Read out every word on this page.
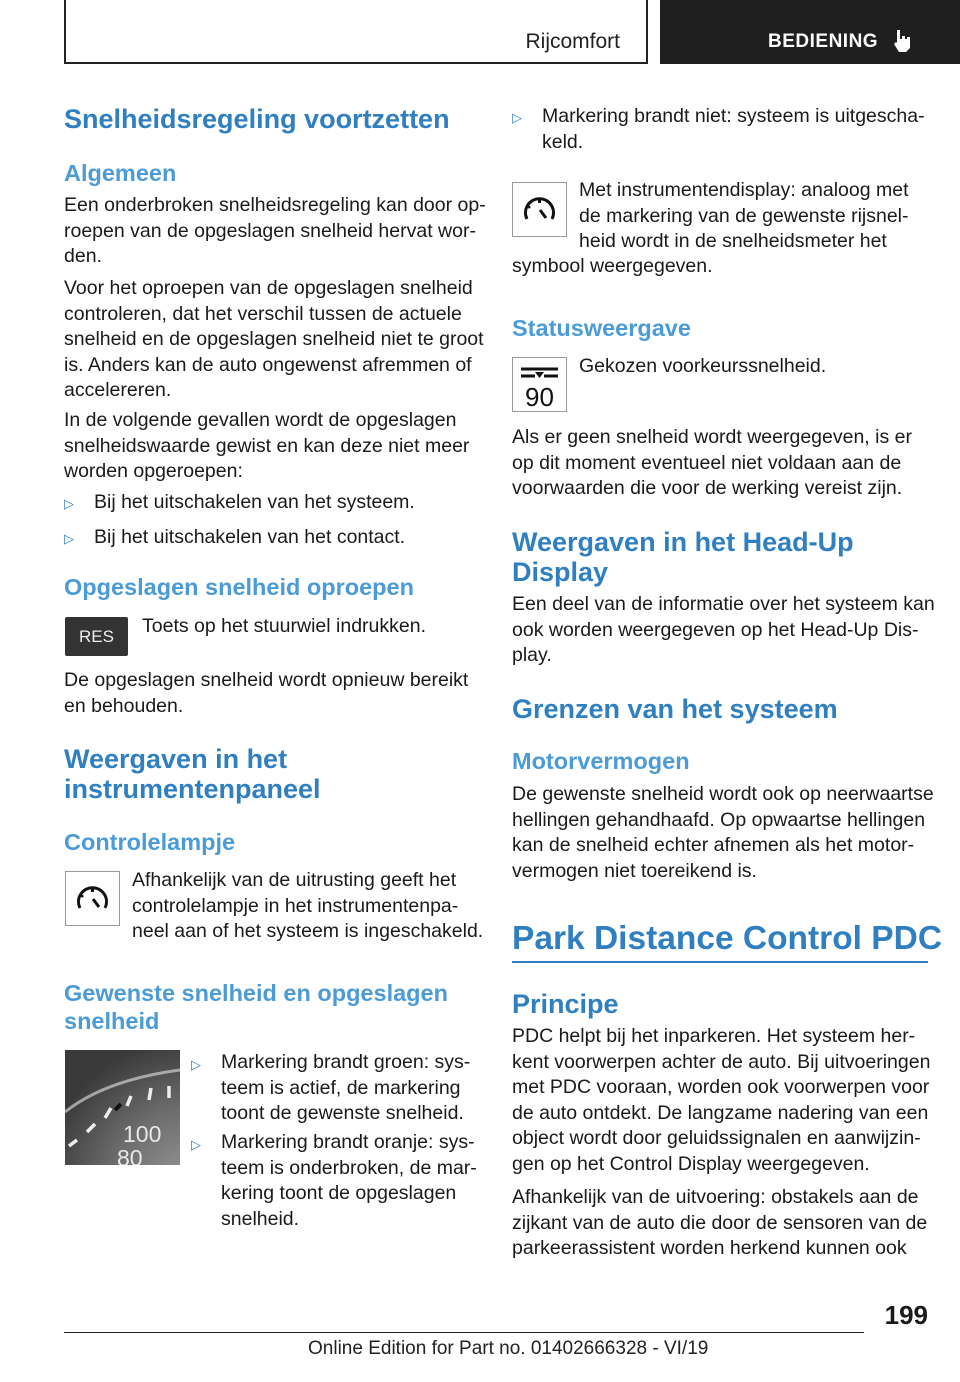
Rijcomfort	BEDIENING
Snelheidsregeling voortzetten
Algemeen
Een onderbroken snelheidsregeling kan door op‐
roepen van de opgeslagen snelheid hervat wor‐
den.
Voor het oproepen van de opgeslagen snelheid
controleren, dat het verschil tussen de actuele
snelheid en de opgeslagen snelheid niet te groot
is. Anders kan de auto ongewenst afremmen of
accelereren.
In de volgende gevallen wordt de opgeslagen
snelheidswaarde gewist en kan deze niet meer
worden opgeroepen:
▷ Bij het uitschakelen van het systeem.
▷ Bij het uitschakelen van het contact.
Opgeslagen snelheid oproepen
RES	Toets op het stuurwiel indrukken.
De opgeslagen snelheid wordt opnieuw bereikt
en behouden.
Weergaven in het
instrumentenpaneel
Controlelampje
Afhankelijk van de uitrusting geeft het
controlelampje in het instrumentenpa‐
neel aan of het systeem is ingeschakeld.
Gewenste snelheid en opgeslagen
snelheid
100
80
▷ Markering brandt groen: sys‐
teem is actief, de markering
toont de gewenste snelheid.
▷ Markering brandt oranje: sys‐
teem is onderbroken, de mar‐
kering toont de opgeslagen
snelheid.
▷ Markering brandt niet: systeem is uitgescha‐
keld.
Met instrumentendisplay: analoog met
de markering van de gewenste rijsnel‐
heid wordt in de snelheidsmeter het
symbool weergegeven.
Statusweergave
90
Gekozen voorkeurssnelheid.
Als er geen snelheid wordt weergegeven, is er
op dit moment eventueel niet voldaan aan de
voorwaarden die voor de werking vereist zijn.
Weergaven in het Head-Up
Display
Een deel van de informatie over het systeem kan
ook worden weergegeven op het Head-Up Dis‐
play.
Grenzen van het systeem
Motorvermogen
De gewenste snelheid wordt ook op neerwaartse
hellingen gehandhaafd. Op opwaartse hellingen
kan de snelheid echter afnemen als het motor‐
vermogen niet toereikend is.
Park Distance Control PDC
Principe
PDC helpt bij het inparkeren. Het systeem her‐
kent voorwerpen achter de auto. Bij uitvoeringen
met PDC vooraan, worden ook voorwerpen voor
de auto ontdekt. De langzame nadering van een
object wordt door geluidssignalen en aanwijzin‐
gen op het Control Display weergegeven.
Afhankelijk van de uitvoering: obstakels aan de
zijkant van de auto die door de sensoren van de
parkeerassistent worden herkend kunnen ook
199
Online Edition for Part no. 01402666328 - VI/19
